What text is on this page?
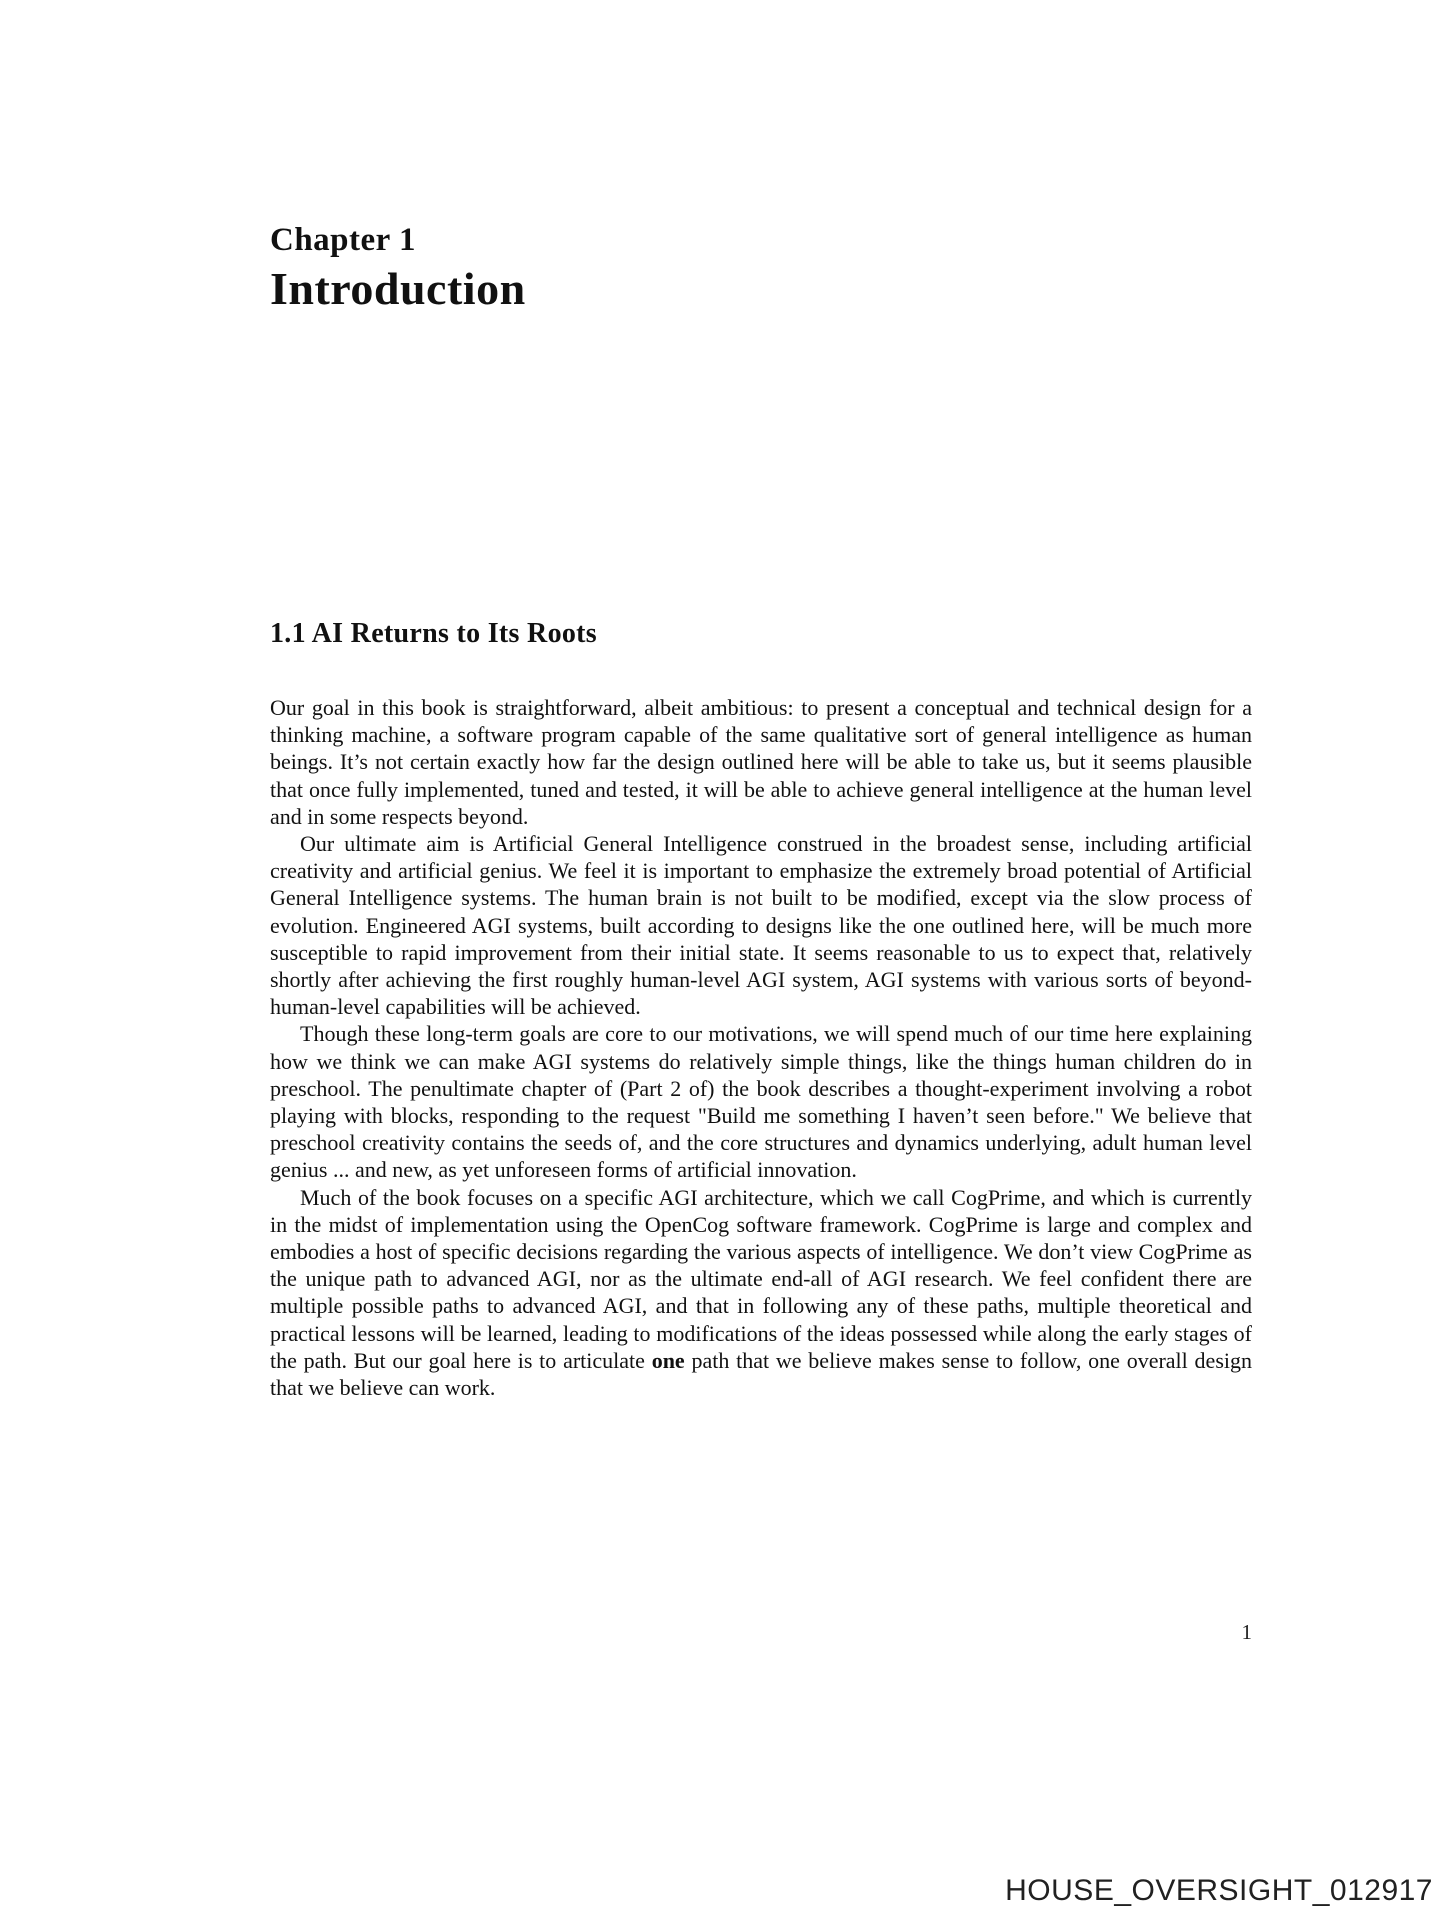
Chapter 1
Introduction
1.1 AI Returns to Its Roots

Our goal in this book is straightforward, albeit ambitious: to present a conceptual and technical design for a thinking machine, a software program capable of the same qualitative sort of general intelligence as human beings. It’s not certain exactly how far the design outlined here will be able to take us, but it seems plausible that once fully implemented, tuned and tested, it will be able to achieve general intelligence at the human level and in some respects beyond.

Our ultimate aim is Artificial General Intelligence construed in the broadest sense, including artificial creativity and artificial genius. We feel it is important to emphasize the extremely broad potential of Artificial General Intelligence systems. The human brain is not built to be modified, except via the slow process of evolution. Engineered AGI systems, built according to designs like the one outlined here, will be much more susceptible to rapid improvement from their initial state. It seems reasonable to us to expect that, relatively shortly after achieving the first roughly human-level AGI system, AGI systems with various sorts of beyond-human-level capabilities will be achieved.

Though these long-term goals are core to our motivations, we will spend much of our time here explaining how we think we can make AGI systems do relatively simple things, like the things human children do in preschool. The penultimate chapter of (Part 2 of) the book describes a thought-experiment involving a robot playing with blocks, responding to the request "Build me something I haven’t seen before." We believe that preschool creativity contains the seeds of, and the core structures and dynamics underlying, adult human level genius ... and new, as yet unforeseen forms of artificial innovation.

Much of the book focuses on a specific AGI architecture, which we call CogPrime, and which is currently in the midst of implementation using the OpenCog software framework. CogPrime is large and complex and embodies a host of specific decisions regarding the various aspects of intelligence. We don’t view CogPrime as the unique path to advanced AGI, nor as the ultimate end-all of AGI research. We feel confident there are multiple possible paths to advanced AGI, and that in following any of these paths, multiple theoretical and practical lessons will be learned, leading to modifications of the ideas possessed while along the early stages of the path. But our goal here is to articulate one path that we believe makes sense to follow, one overall design that we believe can work.

1
HOUSE_OVERSIGHT_012917
